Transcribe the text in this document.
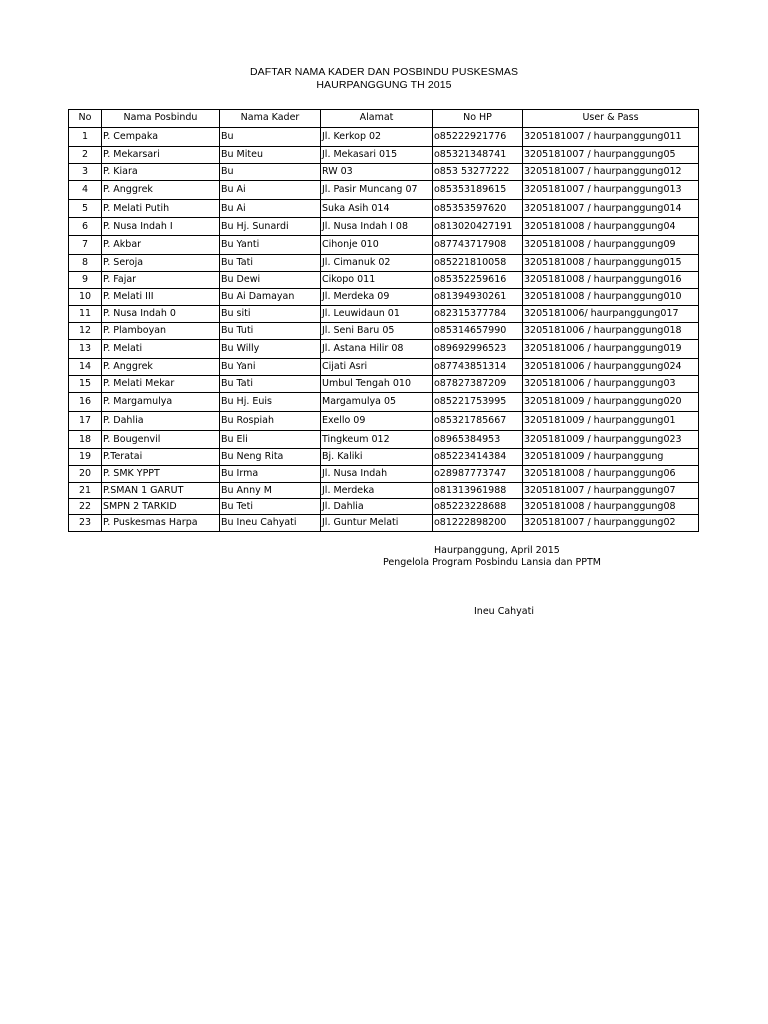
DAFTAR NAMA KADER DAN POSBINDU PUSKESMAS
HAURPANGGUNG TH 2015
No	Nama Posbindu	Nama Kader	Alamat	No HP	User & Pass
1	P. Cempaka	Bu	Jl. Kerkop 02	o85222921776	3205181007 / haurpanggung011
2	P. Mekarsari	Bu Miteu	Jl. Mekasari 015	o85321348741	3205181007 / haurpanggung05
3	P. Kiara	Bu	RW 03	o853 53277222	3205181007 / haurpanggung012
4	P. Anggrek	Bu Ai	Jl. Pasir Muncang 07	o85353189615	3205181007 / haurpanggung013
5	P. Melati Putih	Bu Ai	Suka Asih 014	o85353597620	3205181007 / haurpanggung014
6	P. Nusa Indah I	Bu Hj. Sunardi	Jl. Nusa Indah I 08	o813020427191	3205181008 / haurpanggung04
7	P. Akbar	Bu Yanti	Cihonje 010	o87743717908	3205181008 / haurpanggung09
8	P. Seroja	Bu Tati	Jl. Cimanuk 02	o85221810058	3205181008 / haurpanggung015
9	P. Fajar	Bu Dewi	Cikopo 011	o85352259616	3205181008 / haurpanggung016
10	P. Melati III	Bu Ai Damayan	Jl. Merdeka 09	o81394930261	3205181008 / haurpanggung010
11	P. Nusa Indah 0	Bu siti	Jl. Leuwidaun 01	o82315377784	3205181006/ haurpanggung017
12	P. Plamboyan	Bu Tuti	Jl. Seni Baru 05	o85314657990	3205181006 / haurpanggung018
13	P. Melati	Bu Willy	Jl. Astana Hilir 08	o89692996523	3205181006 / haurpanggung019
14	P. Anggrek	Bu Yani	Cijati Asri	o87743851314	3205181006 / haurpanggung024
15	P. Melati Mekar	Bu Tati	Umbul Tengah 010	o87827387209	3205181006 / haurpanggung03
16	P. Margamulya	Bu Hj. Euis	Margamulya 05	o85221753995	3205181009 / haurpanggung020
17	P. Dahlia	Bu Rospiah	Exello 09	o85321785667	3205181009 / haurpanggung01
18	P. Bougenvil	Bu Eli	Tingkeum 012	o8965384953	3205181009 / haurpanggung023
19	P.Teratai	Bu Neng Rita	Bj. Kaliki	o85223414384	3205181009 / haurpanggung
20	P. SMK YPPT	Bu Irma	Jl. Nusa Indah	o28987773747	3205181008 / haurpanggung06
21	P.SMAN 1 GARUT	Bu Anny M	Jl. Merdeka	o81313961988	3205181007 / haurpanggung07
22	SMPN 2 TARKID	Bu Teti	Jl. Dahlia	o85223228688	3205181008 / haurpanggung08
23	P. Puskesmas Harpa	Bu Ineu Cahyati	Jl. Guntur Melati	o81222898200	3205181007 / haurpanggung02
Haurpanggung, April 2015
Pengelola Program Posbindu Lansia dan PPTM
Ineu Cahyati
